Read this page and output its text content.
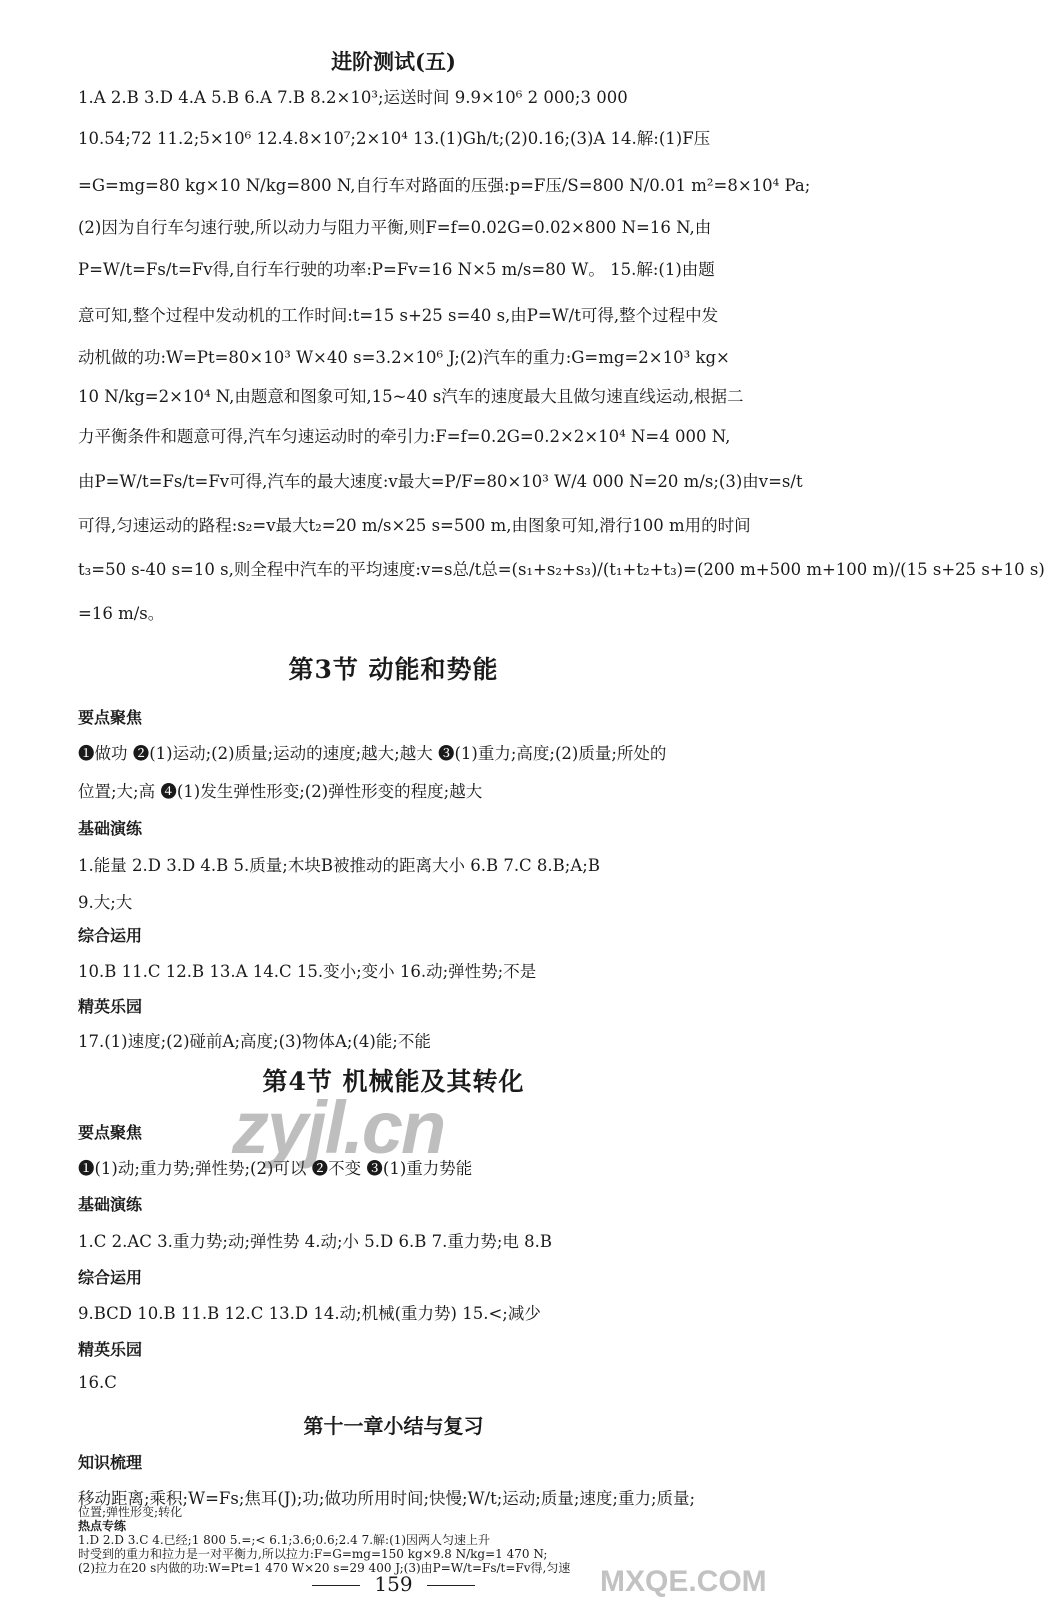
进阶测试(五)
1.A 2.B 3.D 4.A 5.B 6.A 7.B 8.2×10³;运送时间 9.9×10⁶ 2 000;3 000
10.54;72 11.2;5×10⁶ 12.4.8×10⁷;2×10⁴ 13.(1)Gh/t;(2)0.16;(3)A 14.解:(1)F压
=G=mg=80 kg×10 N/kg=800 N,自行车对路面的压强:p=F压/S=800 N/0.01 m²=8×10⁴ Pa;
(2)因为自行车匀速行驶,所以动力与阻力平衡,则F=f=0.02G=0.02×800 N=16 N,由
P=W/t=Fs/t=Fv得,自行车行驶的功率:P=Fv=16 N×5 m/s=80 W。 15.解:(1)由题
意可知,整个过程中发动机的工作时间:t=15 s+25 s=40 s,由P=W/t可得,整个过程中发
动机做的功:W=Pt=80×10³ W×40 s=3.2×10⁶ J;(2)汽车的重力:G=mg=2×10³ kg×
10 N/kg=2×10⁴ N,由题意和图象可知,15~40 s汽车的速度最大且做匀速直线运动,根据二
力平衡条件和题意可得,汽车匀速运动时的牵引力:F=f=0.2G=0.2×2×10⁴ N=4 000 N,
由P=W/t=Fs/t=Fv可得,汽车的最大速度:v最大=P/F=80×10³ W/4 000 N=20 m/s;(3)由v=s/t
可得,匀速运动的路程:s₂=v最大t₂=20 m/s×25 s=500 m,由图象可知,滑行100 m用的时间
t₃=50 s-40 s=10 s,则全程中汽车的平均速度:v=s总/t总=(s₁+s₂+s₃)/(t₁+t₂+t₃)=(200 m+500 m+100 m)/(15 s+25 s+10 s)
=16 m/s。
第3节 动能和势能
要点聚焦
❶做功 ❷(1)运动;(2)质量;运动的速度;越大;越大 ❸(1)重力;高度;(2)质量;所处的
位置;大;高 ❹(1)发生弹性形变;(2)弹性形变的程度;越大
基础演练
1.能量 2.D 3.D 4.B 5.质量;木块B被推动的距离大小 6.B 7.C 8.B;A;B
9.大;大
综合运用
10.B 11.C 12.B 13.A 14.C 15.变小;变小 16.动;弹性势;不是
精英乐园
17.(1)速度;(2)碰前A;高度;(3)物体A;(4)能;不能
第4节 机械能及其转化
要点聚焦
❶(1)动;重力势;弹性势;(2)可以 ❷不变 ❸(1)重力势能
基础演练
1.C 2.AC 3.重力势;动;弹性势 4.动;小 5.D 6.B 7.重力势;电 8.B
综合运用
9.BCD 10.B 11.B 12.C 13.D 14.动;机械(重力势) 15.<;减少
精英乐园
16.C
第十一章小结与复习
知识梳理
移动距离;乘积;W=Fs;焦耳(J);功;做功所用时间;快慢;W/t;运动;质量;速度;重力;质量;
位置;弹性形变;转化
热点专练
1.D 2.D 3.C 4.已经;1 800 5.=;< 6.1;3.6;0.6;2.4 7.解:(1)因两人匀速上升
时受到的重力和拉力是一对平衡力,所以拉力:F=G=mg=150 kg×9.8 N/kg=1 470 N;
(2)拉力在20 s内做的功:W=Pt=1 470 W×20 s=29 400 J;(3)由P=W/t=Fs/t=Fv得,匀速
159
zyjl.cn
MXQE.COM
